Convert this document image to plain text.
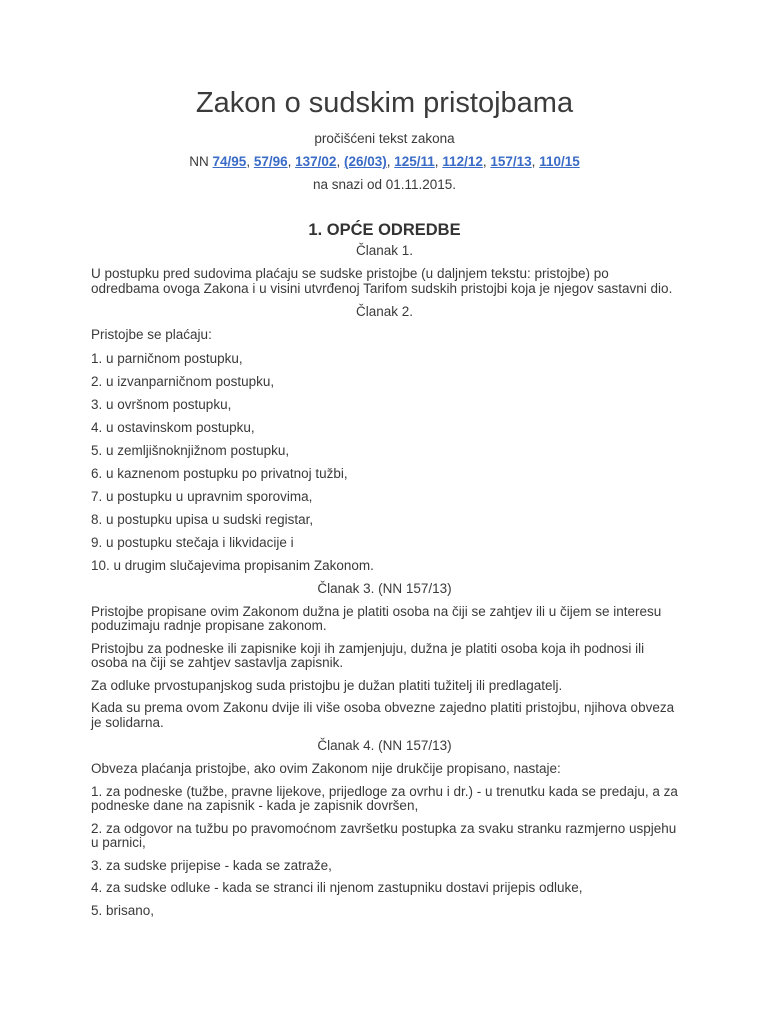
Zakon o sudskim pristojbama
pročišćeni tekst zakona
NN 74/95, 57/96, 137/02, (26/03), 125/11, 112/12, 157/13, 110/15
na snazi od 01.11.2015.
1. OPĆE ODREDBE
Članak 1.

U postupku pred sudovima plaćaju se sudske pristojbe (u daljnjem tekstu: pristojbe) po odredbama ovoga Zakona i u visini utvrđenoj Tarifom sudskih pristojbi koja je njegov sastavni dio.

Članak 2.

Pristojbe se plaćaju:

1. u parničnom postupku,
2. u izvanparničnom postupku,
3. u ovršnom postupku,
4. u ostavinskom postupku,
5. u zemljišnoknjižnom postupku,
6. u kaznenom postupku po privatnoj tužbi,
7. u postupku u upravnim sporovima,
8. u postupku upisa u sudski registar,
9. u postupku stečaja i likvidacije i
10. u drugim slučajevima propisanim Zakonom.
Članak 3. (NN 157/13)

Pristojbe propisane ovim Zakonom dužna je platiti osoba na čiji se zahtjev ili u čijem se interesu poduzimaju radnje propisane zakonom.

Pristojbu za podneske ili zapisnike koji ih zamjenjuju, dužna je platiti osoba koja ih podnosi ili osoba na čiji se zahtjev sastavlja zapisnik.

Za odluke prvostupanjskog suda pristojbu je dužan platiti tužitelj ili predlagatelj.

Kada su prema ovom Zakonu dvije ili više osoba obvezne zajedno platiti pristojbu, njihova obveza je solidarna.

Članak 4. (NN 157/13)

Obveza plaćanja pristojbe, ako ovim Zakonom nije drukčije propisano, nastaje:

1. za podneske (tužbe, pravne lijekove, prijedloge za ovrhu i dr.) - u trenutku kada se predaju, a za podneske dane na zapisnik - kada je zapisnik dovršen,

2. za odgovor na tužbu po pravomoćnom završetku postupka za svaku stranku razmjerno uspjehu u parnici,

3. za sudske prijepise - kada se zatraže,

4. za sudske odluke - kada se stranci ili njenom zastupniku dostavi prijepis odluke,

5. brisano,
